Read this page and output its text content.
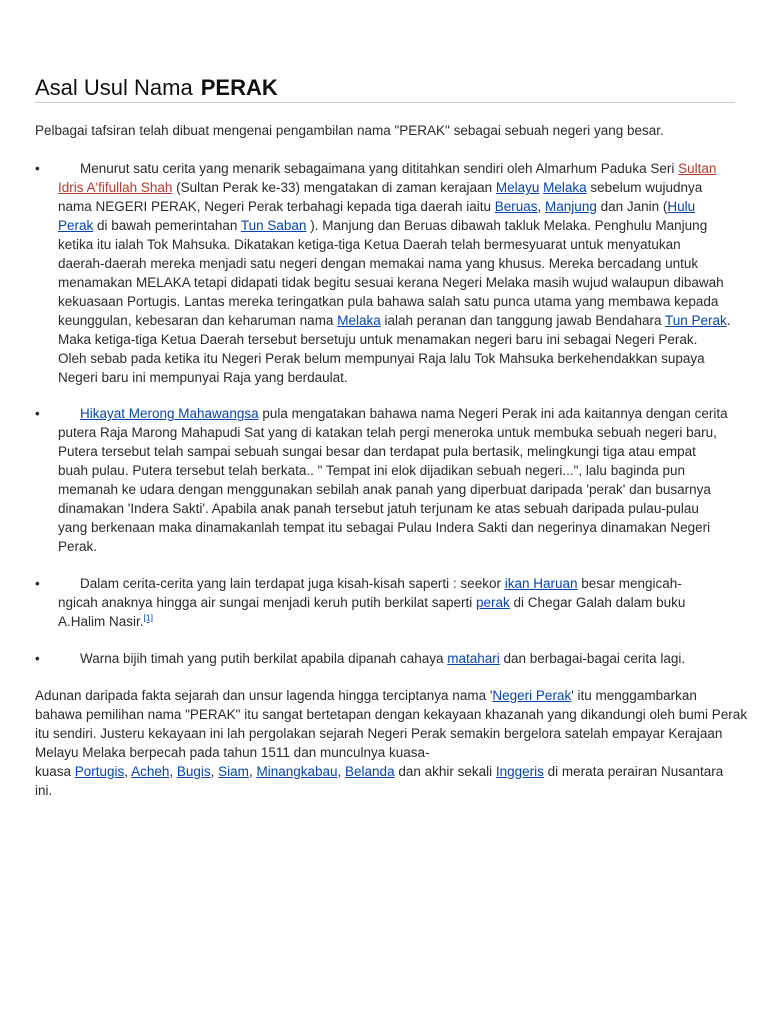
Asal Usul Nama PERAK
Pelbagai tafsiran telah dibuat mengenai pengambilan nama "PERAK" sebagai sebuah negeri yang besar.
•	Menurut satu cerita yang menarik sebagaimana yang dititahkan sendiri oleh Almarhum Paduka Seri Sultan
Idris A'fifullah Shah (Sultan Perak ke-33) mengatakan di zaman kerajaan Melayu Melaka sebelum wujudnya
nama NEGERI PERAK, Negeri Perak terbahagi kepada tiga daerah iaitu Beruas, Manjung dan Janin (Hulu
Perak di bawah pemerintahan Tun Saban ). Manjung dan Beruas dibawah takluk Melaka. Penghulu Manjung
ketika itu ialah Tok Mahsuka. Dikatakan ketiga-tiga Ketua Daerah telah bermesyuarat untuk menyatukan
daerah-daerah mereka menjadi satu negeri dengan memakai nama yang khusus. Mereka bercadang untuk
menamakan MELAKA tetapi didapati tidak begitu sesuai kerana Negeri Melaka masih wujud walaupun dibawah
kekuasaan Portugis. Lantas mereka teringatkan pula bahawa salah satu punca utama yang membawa kepada
keunggulan, kebesaran dan keharuman nama Melaka ialah peranan dan tanggung jawab Bendahara Tun Perak.
Maka ketiga-tiga Ketua Daerah tersebut bersetuju untuk menamakan negeri baru ini sebagai Negeri Perak.
Oleh sebab pada ketika itu Negeri Perak belum mempunyai Raja lalu Tok Mahsuka berkehendakkan supaya
Negeri baru ini mempunyai Raja yang berdaulat.
•	Hikayat Merong Mahawangsa pula mengatakan bahawa nama Negeri Perak ini ada kaitannya dengan cerita
putera Raja Marong Mahapudi Sat yang di katakan telah pergi meneroka untuk membuka sebuah negeri baru,
Putera tersebut telah sampai sebuah sungai besar dan terdapat pula bertasik, melingkungi tiga atau empat
buah pulau. Putera tersebut telah berkata.. " Tempat ini elok dijadikan sebuah negeri...", lalu baginda pun
memanah ke udara dengan menggunakan sebilah anak panah yang diperbuat daripada 'perak' dan busarnya
dinamakan 'Indera Sakti'. Apabila anak panah tersebut jatuh terjunam ke atas sebuah daripada pulau-pulau
yang berkenaan maka dinamakanlah tempat itu sebagai Pulau Indera Sakti dan negerinya dinamakan Negeri
Perak.
•	Dalam cerita-cerita yang lain terdapat juga kisah-kisah saperti : seekor ikan Haruan besar mengicah-
ngicah anaknya hingga air sungai menjadi keruh putih berkilat saperti perak di Chegar Galah dalam buku
A.Halim Nasir.[1]
•	Warna bijih timah yang putih berkilat apabila dipanah cahaya matahari dan berbagai-bagai cerita lagi.
Adunan daripada fakta sejarah dan unsur lagenda hingga terciptanya nama 'Negeri Perak' itu menggambarkan
bahawa pemilihan nama "PERAK" itu sangat bertetapan dengan kekayaan khazanah yang dikandungi oleh bumi Perak
itu sendiri. Justeru kekayaan ini lah pergolakan sejarah Negeri Perak semakin bergelora satelah empayar Kerajaan
Melayu Melaka berpecah pada tahun 1511 dan munculnya kuasa-
kuasa Portugis, Acheh, Bugis, Siam, Minangkabau, Belanda dan akhir sekali Inggeris di merata perairan Nusantara
ini.
